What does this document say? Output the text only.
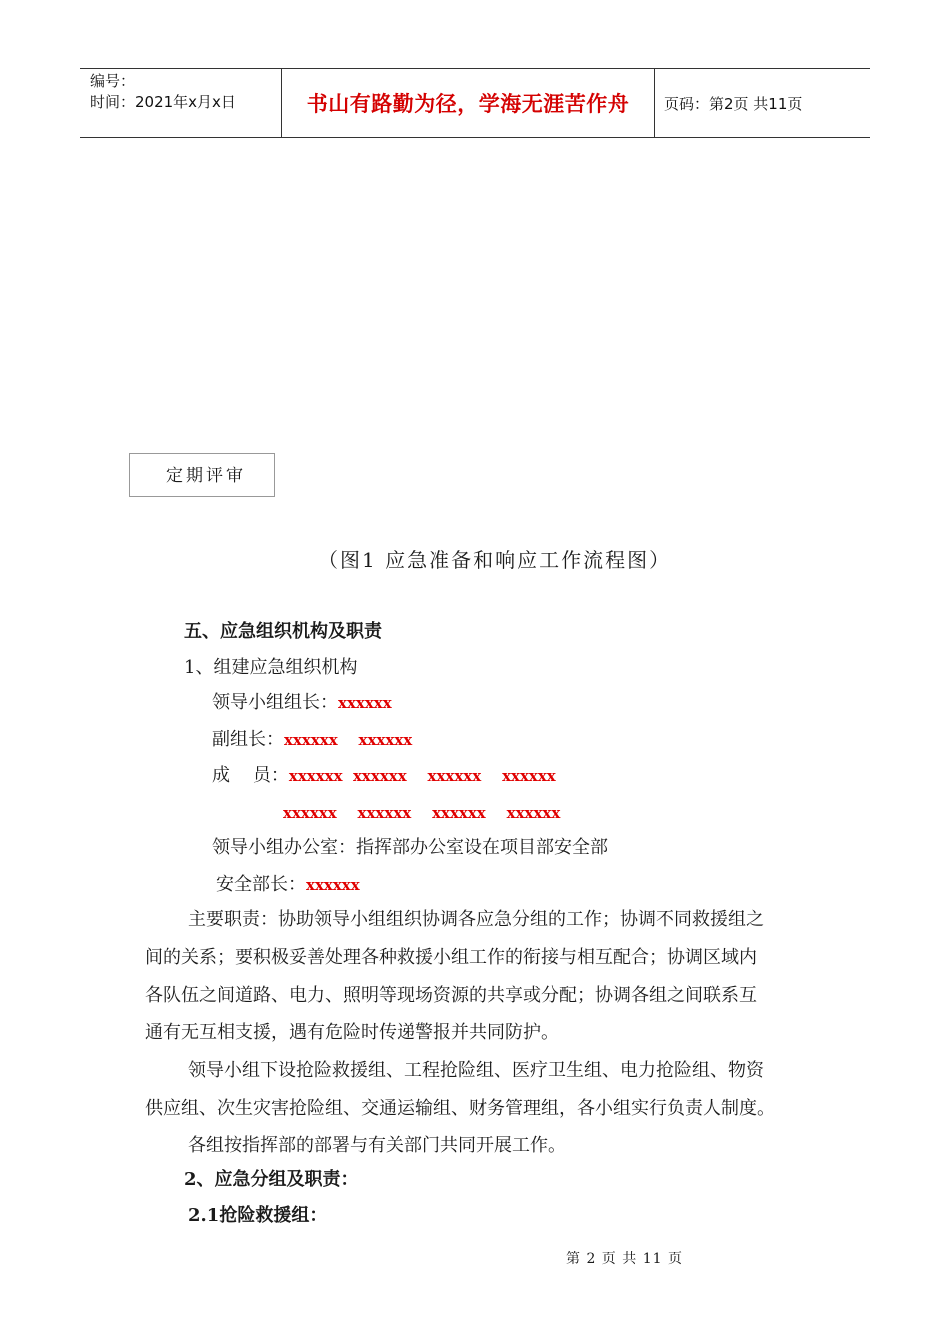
编号：
时间：2021年x月x日	书山有路勤为径，学海无涯苦作舟	页码：第2页 共11页
定期评审
（图1 应急准备和响应工作流程图）
五、应急组织机构及职责
1、组建应急组织机构
领导小组组长：xxxxxx
副组长：xxxxxx    xxxxxx
成    员：xxxxxx  xxxxxx    xxxxxx    xxxxxx
xxxxxx    xxxxxx    xxxxxx    xxxxxx
领导小组办公室：指挥部办公室设在项目部安全部
安全部长：xxxxxx
主要职责：协助领导小组组织协调各应急分组的工作；协调不同救援组之
间的关系；要积极妥善处理各种救援小组工作的衔接与相互配合；协调区域内
各队伍之间道路、电力、照明等现场资源的共享或分配；协调各组之间联系互
通有无互相支援，遇有危险时传递警报并共同防护。
领导小组下设抢险救援组、工程抢险组、医疗卫生组、电力抢险组、物资
供应组、次生灾害抢险组、交通运输组、财务管理组，各小组实行负责人制度。
各组按指挥部的部署与有关部门共同开展工作。
2、应急分组及职责：
2.1抢险救援组：
第 2 页 共 11 页
